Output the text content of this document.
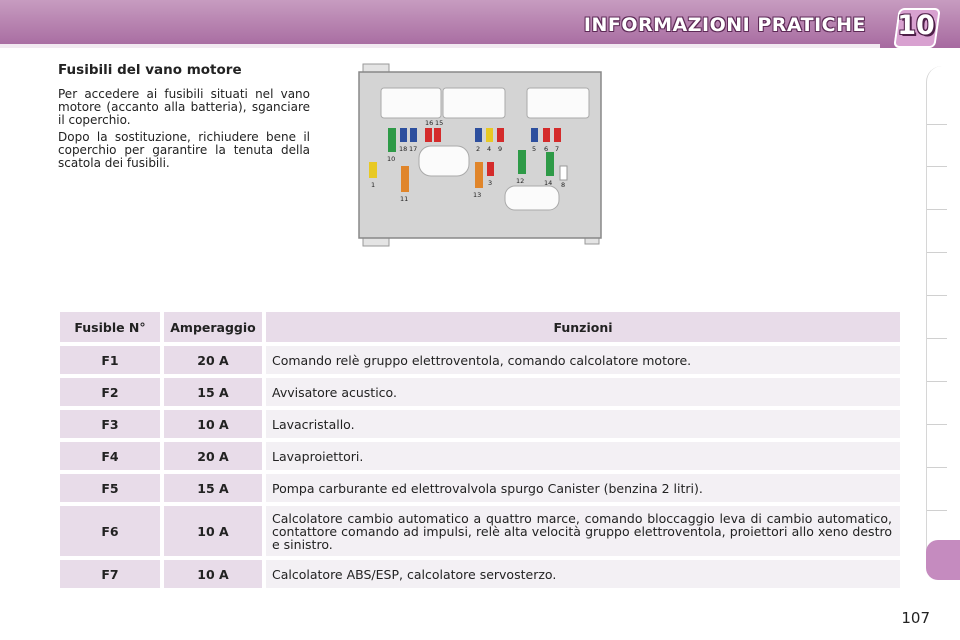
INFORMAZIONI PRATICHE 10
Fusibili del vano motore

Per accedere ai fusibili situati nel vano motore (accanto alla batteria), sganciare il coperchio.

Dopo la sostituzione, richiudere bene il coperchio per garantire la tenuta della scatola dei fusibili.

16 15
10
18 17	2 4 9	5 6 7
1
11	13
3	12	14 8
Fusible N°	Amperaggio	Funzioni
F1	20 A	Comando relè gruppo elettroventola, comando calcolatore motore.
F2	15 A	Avvisatore acustico.
F3	10 A	Lavacristallo.
F4	20 A	Lavaproiettori.
F5	15 A	Pompa carburante ed elettrovalvola spurgo Canister (benzina 2 litri).
F6	10 A	Calcolatore cambio automatico a quattro marce, comando bloccaggio leva di cambio automatico, contattore comando ad impulsi, relè alta velocità gruppo elettroventola, proiettori allo xeno destro e sinistro.
F7	10 A	Calcolatore ABS/ESP, calcolatore servosterzo.
107
